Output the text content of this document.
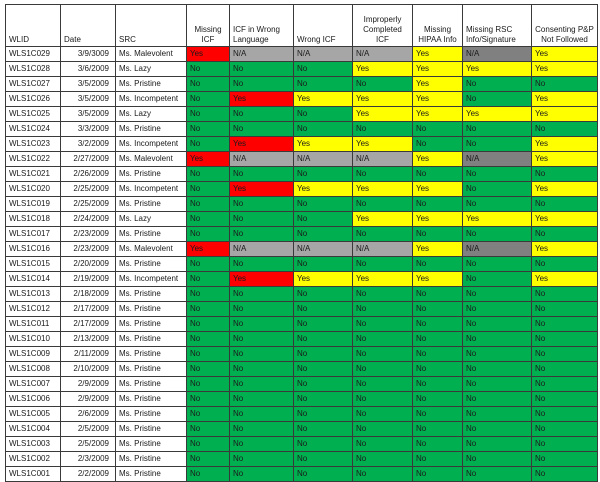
WLID	Date	SRC	Missing ICF	ICF in Wrong Language	Wrong ICF	Improperly Completed ICF	Missing HIPAA Info	Missing RSC Info/Signature	Consenting P&P Not Followed
WLS1C029	3/9/3009	Ms. Malevolent	Yes	N/A	N/A	N/A	Yes	N/A	Yes
WLS1C028	3/6/2009	Ms. Lazy	No	No	No	Yes	Yes	Yes	Yes
WLS1C027	3/5/2009	Ms. Pristine	No	No	No	No	Yes	No	No
WLS1C026	3/5/2009	Ms. Incompetent	No	Yes	Yes	Yes	Yes	No	Yes
WLS1C025	3/5/2009	Ms. Lazy	No	No	No	Yes	Yes	Yes	Yes
WLS1C024	3/3/2009	Ms. Pristine	No	No	No	No	No	No	No
WLS1C023	3/2/2009	Ms. Incompetent	No	Yes	Yes	Yes	No	No	Yes
WLS1C022	2/27/2009	Ms. Malevolent	Yes	N/A	N/A	N/A	Yes	N/A	Yes
WLS1C021	2/26/2009	Ms. Pristine	No	No	No	No	No	No	No
WLS1C020	2/25/2009	Ms. Incompetent	No	Yes	Yes	Yes	Yes	No	Yes
WLS1C019	2/25/2009	Ms. Pristine	No	No	No	No	No	No	No
WLS1C018	2/24/2009	Ms. Lazy	No	No	No	Yes	Yes	Yes	Yes
WLS1C017	2/23/2009	Ms. Pristine	No	No	No	No	No	No	No
WLS1C016	2/23/2009	Ms. Malevolent	Yes	N/A	N/A	N/A	Yes	N/A	Yes
WLS1C015	2/20/2009	Ms. Pristine	No	No	No	No	No	No	No
WLS1C014	2/19/2009	Ms. Incompetent	No	Yes	Yes	Yes	Yes	No	Yes
WLS1C013	2/18/2009	Ms. Pristine	No	No	No	No	No	No	No
WLS1C012	2/17/2009	Ms. Pristine	No	No	No	No	No	No	No
WLS1C011	2/17/2009	Ms. Pristine	No	No	No	No	No	No	No
WLS1C010	2/13/2009	Ms. Pristine	No	No	No	No	No	No	No
WLS1C009	2/11/2009	Ms. Pristine	No	No	No	No	No	No	No
WLS1C008	2/10/2009	Ms. Pristine	No	No	No	No	No	No	No
WLS1C007	2/9/2009	Ms. Pristine	No	No	No	No	No	No	No
WLS1C006	2/9/2009	Ms. Pristine	No	No	No	No	No	No	No
WLS1C005	2/6/2009	Ms. Pristine	No	No	No	No	No	No	No
WLS1C004	2/5/2009	Ms. Pristine	No	No	No	No	No	No	No
WLS1C003	2/5/2009	Ms. Pristine	No	No	No	No	No	No	No
WLS1C002	2/3/2009	Ms. Pristine	No	No	No	No	No	No	No
WLS1C001	2/2/2009	Ms. Pristine	No	No	No	No	No	No	No
